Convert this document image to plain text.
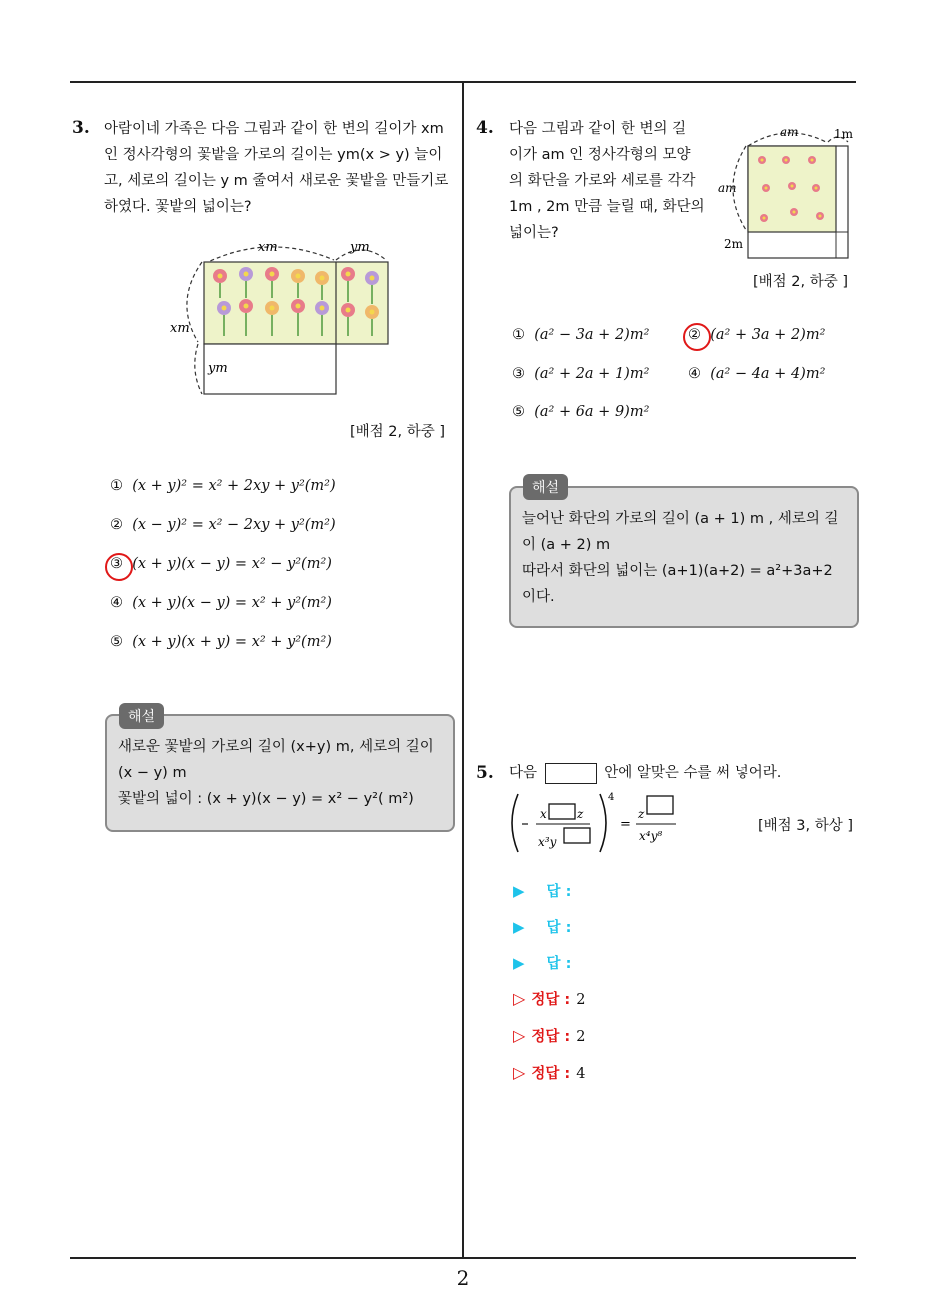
3. 아람이네 가족은 다음 그림과 같이 한 변의 길이가 xm
인 정사각형의 꽃밭을 가로의 길이는 ym(x > y) 늘이
고, 세로의 길이는 y m 줄여서 새로운 꽃밭을 만들기로
하였다. 꽃밭의 넓이는?
xm	ym
xm
ym
[배점 2, 하중 ]
① (x + y)² = x² + 2xy + y²(m²)
② (x − y)² = x² − 2xy + y²(m²)
③ (x + y)(x − y) = x² − y²(m²)
④ (x + y)(x − y) = x² + y²(m²)
⑤ (x + y)(x + y) = x² + y²(m²)
해설
새로운 꽃밭의 가로의 길이 (x+y) m, 세로의 길이
(x − y) m
꽃밭의 넓이 : (x + y)(x − y) = x² − y²( m²)
4. 다음 그림과 같이 한 변의 길
이가 am 인 정사각형의 모양
의 화단을 가로와 세로를 각각
1m , 2m 만큼 늘릴 때, 화단의
넓이는?
am	1m
am
2m
[배점 2, 하중 ]
① (a² − 3a + 2)m²	② (a² + 3a + 2)m²
③ (a² + 2a + 1)m²	④ (a² − 4a + 4)m²
⑤ (a² + 6a + 9)m²
해설
늘어난 화단의 가로의 길이 (a + 1) m , 세로의 길
이 (a + 2) m
따라서 화단의 넓이는 (a+1)(a+2) = a²+3a+2
이다.
5. 다음	안에 알맞은 수를 써 넣어라.
x	z
x³y
4
=
z
x⁴y⁸
[배점 3, 하상 ]
▶ 답 :
▶ 답 :
▶ 답 :
▷ 정답 : 2
▷ 정답 : 2
▷ 정답 : 4
2
